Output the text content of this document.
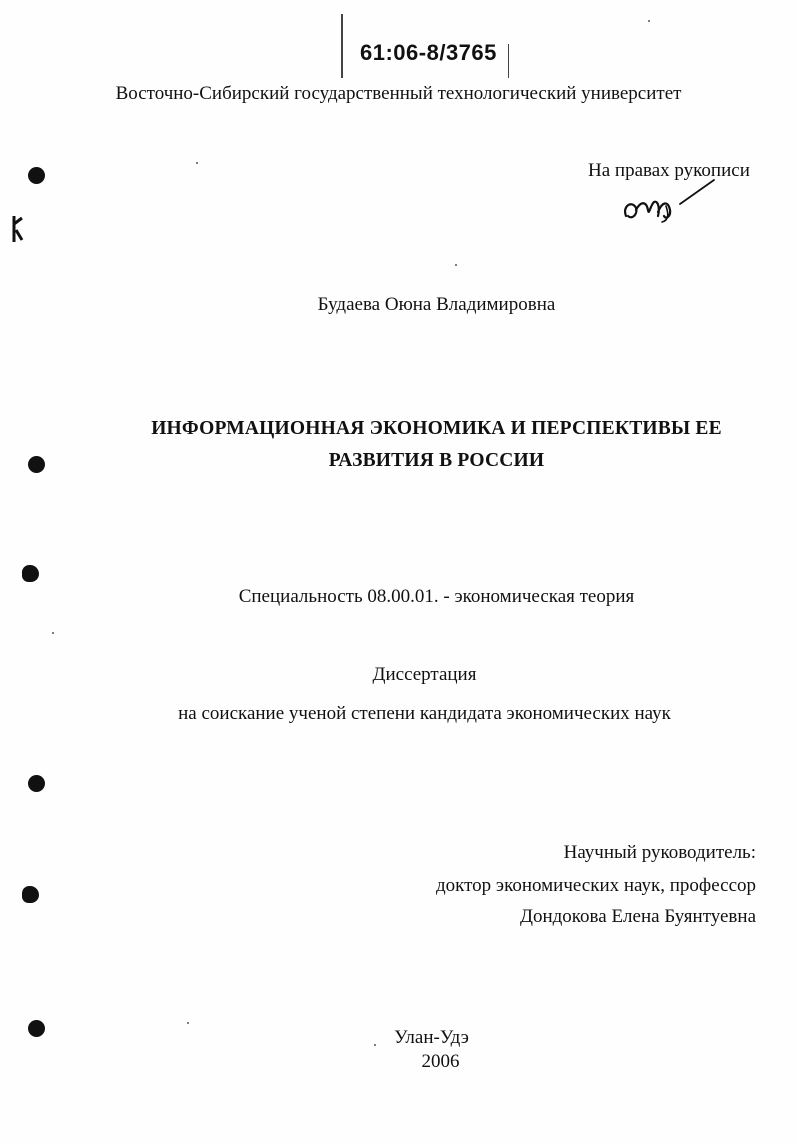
61:06-8/3765
Восточно-Сибирский государственный технологический университет
На правах рукописи
Будаева Оюна Владимировна
ИНФОРМАЦИОННАЯ ЭКОНОМИКА И ПЕРСПЕКТИВЫ ЕЕ
РАЗВИТИЯ В РОССИИ
Специальность 08.00.01. - экономическая теория
Диссертация
на соискание ученой степени кандидата экономических наук
Научный руководитель:
доктор экономических наук, профессор
Дондокова Елена Буянтуевна
Улан-Удэ
2006
